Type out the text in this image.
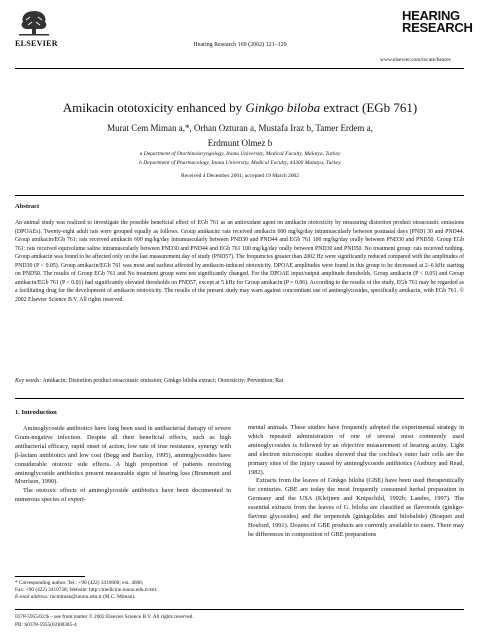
ELSEVIER	Hearing Research 169 (2002) 121–129
HEARING
RESEARCH
www.elsevier.com/locate/heares
Amikacin ototoxicity enhanced by Ginkgo biloba extract (EGb 761)
Murat Cem Miman a,*, Orhan Ozturan a, Mustafa Iraz b, Tamer Erdem a,
Erdmunt Olmez b
a Department of Otorhinolaryngology, Inonu University, Medical Faculty, Malatya, Turkey
b Department of Pharmacology, Inonu University, Medical Faculty, 44300 Malatya, Turkey
Received 4 December 2001; accepted 19 March 2002
Abstract
An animal study was realized to investigate the possible beneficial effect of EGb 761 as an antioxidant agent on amikacin ototoxicity by measuring distortion product otoacoustic emissions (DPOAEs). Twenty-eight adult rats were grouped equally as follows. Group amikacin: rats received amikacin 600 mg/kg/day intramuscularly between postnatal days (PND) 30 and PND44. Group amikacin/EGb 761: rats received amikacin 600 mg/kg/day intramuscularly between PND30 and PND44 and EGb 761 100 mg/kg/day orally between PND30 and PND50. Group EGb 761: rats received equivolume saline intramuscularly between PND30 and PND44 and EGb 761 100 mg/kg/day orally between PND30 and PND50. No treatment group: rats received nothing. Group amikacin was found to be affected only on the last measurement day of study (PND57). The frequencies greater than 2002 Hz were significantly reduced compared with the amplitudes of PND30 (P < 0.05). Group amikacin/EGb 761 was most and earliest affected by amikacin-induced ototoxicity. DPOAE amplitudes were found in this group to be decreased at 2–6 kHz starting on PND50. The results of Group EGb 761 and No treatment group were not significantly changed. For the DPOAE input/output amplitude thresholds, Group amikacin (P < 0.05) and Group amikacin/EGb 761 (P < 0.01) had significantly elevated thresholds on PND57, except at 5 kHz for Group amikacin (P = 0.06). According to the results of the study, EGb 761 may be regarded as a facilitating drug for the development of amikacin ototoxicity. The results of the present study may warn against concomitant use of aminoglycosides, specifically amikacin, with EGb 761. © 2002 Elsevier Science B.V. All rights reserved.
Key words: Amikacin; Distortion product otoacoustic emission; Ginkgo biloba extract; Ototoxicity; Prevention; Rat
1. Introduction

Aminoglycoside antibiotics have long been used in antibacterial therapy of severe Gram-negative infection. Despite all their beneficial effects, such as high antibacterial efficacy, rapid onset of action, low rate of true resistance, synergy with β-lactam antibiotics and low cost (Begg and Barclay, 1995), aminoglycosides have considerable ototoxic side effects. A high proportion of patients receiving aminoglycoside antibiotics present measurable signs of hearing loss (Brummett and Morrison, 1990).

The ototoxic effects of aminoglycoside antibiotics have been documented in numerous species of experi-

mental animals. These studies have frequently adopted the experimental strategy in which repeated administration of one of several most commonly used aminoglycosides is followed by an objective measurement of hearing acuity. Light and electron microscopic studies showed that the cochlea's outer hair cells are the primary sites of the injury caused by aminoglycoside antibiotics (Astbury and Read, 1982).

Extracts from the leaves of Ginkgo biloba (GBE) have been used therapeutically for centuries. GBE are today the most frequently consumed herbal preparation in Germany and the USA (Kleijnen and Knipschild, 1992b; Landes, 1997). The essential extracts from the leaves of G. biloba are classified as flavonoids (ginkgo-flavone glycosides) and the terpenoids (ginkgolides and bilobalide) (Braquet and Hosford, 1991). Dozens of GBE products are currently available to users. There may be differences in composition of GBE preparations

* Corresponding author. Tel.: +90 (422) 3410660; ext. 4606;
Fax: +90 (422) 3410728; Website: http://medicine.inonu.edu.tr/ent.
E-mail address: mcmiman@inonu.edu.tr (M.C. Miman).
0378-5955/02/$ – see front matter © 2002 Elsevier Science B.V. All rights reserved.
PII: S0378-5955(02)00385-4
